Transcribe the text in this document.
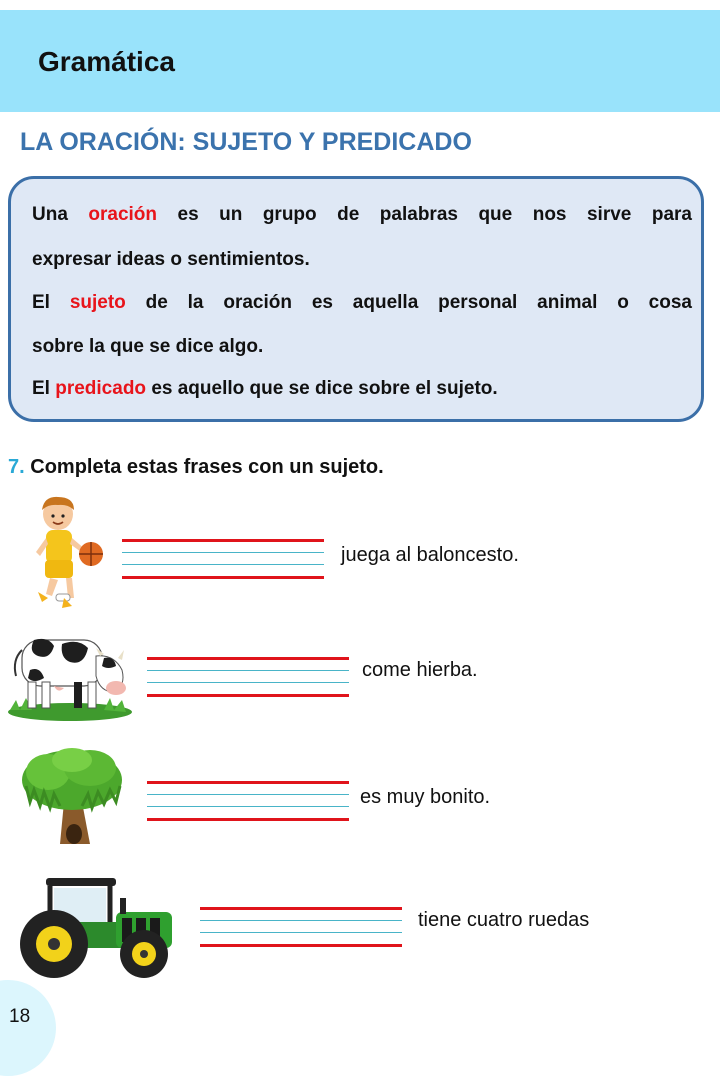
Gramática
LA ORACIÓN: SUJETO Y PREDICADO
Una oración es un grupo de palabras que nos sirve para
expresar ideas o sentimientos.
El sujeto de la oración es aquella personal animal o cosa
sobre la que se dice algo.
El predicado es aquello que se dice sobre el sujeto.
7. Completa estas frases con un sujeto.
juega al baloncesto.
come hierba.
es muy bonito.
tiene cuatro ruedas
18
